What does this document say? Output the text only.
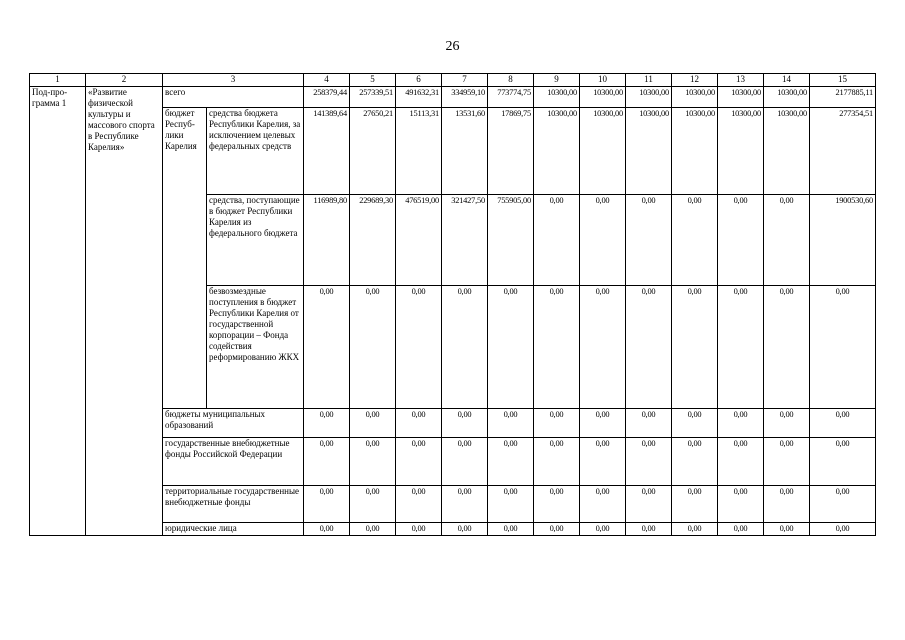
26
1	2	3		4	5	6	7	8	9	10	11	12	13	14	15
Под-про-грамма 1	«Развитие физической культуры и массового спорта в Республике Карелия»	всего		258379,44	257339,51	491632,31	334959,10	773774,75	10300,00	10300,00	10300,00	10300,00	10300,00	10300,00	2177885,11
		бюджет Респуб-лики Карелия	средства бюджета Республики Карелия, за исключением целевых федеральных средств	141389,64	27650,21	15113,31	13531,60	17869,75	10300,00	10300,00	10300,00	10300,00	10300,00	10300,00	277354,51
			средства, поступающие в бюджет Республики Карелия из федерального бюджета	116989,80	229689,30	476519,00	321427,50	755905,00	0,00	0,00	0,00	0,00	0,00	0,00	1900530,60
			безвозмездные поступления в бюджет Республики Карелия от государственной корпорации – Фонда содействия реформированию ЖКХ	0,00	0,00	0,00	0,00	0,00	0,00	0,00	0,00	0,00	0,00	0,00	0,00
		бюджеты муниципальных образований		0,00	0,00	0,00	0,00	0,00	0,00	0,00	0,00	0,00	0,00	0,00	0,00
		государственные внебюджетные фонды Российской Федерации		0,00	0,00	0,00	0,00	0,00	0,00	0,00	0,00	0,00	0,00	0,00	0,00
		территориальные государственные внебюджетные фонды		0,00	0,00	0,00	0,00	0,00	0,00	0,00	0,00	0,00	0,00	0,00	0,00
		юридические лица		0,00	0,00	0,00	0,00	0,00	0,00	0,00	0,00	0,00	0,00	0,00	0,00
